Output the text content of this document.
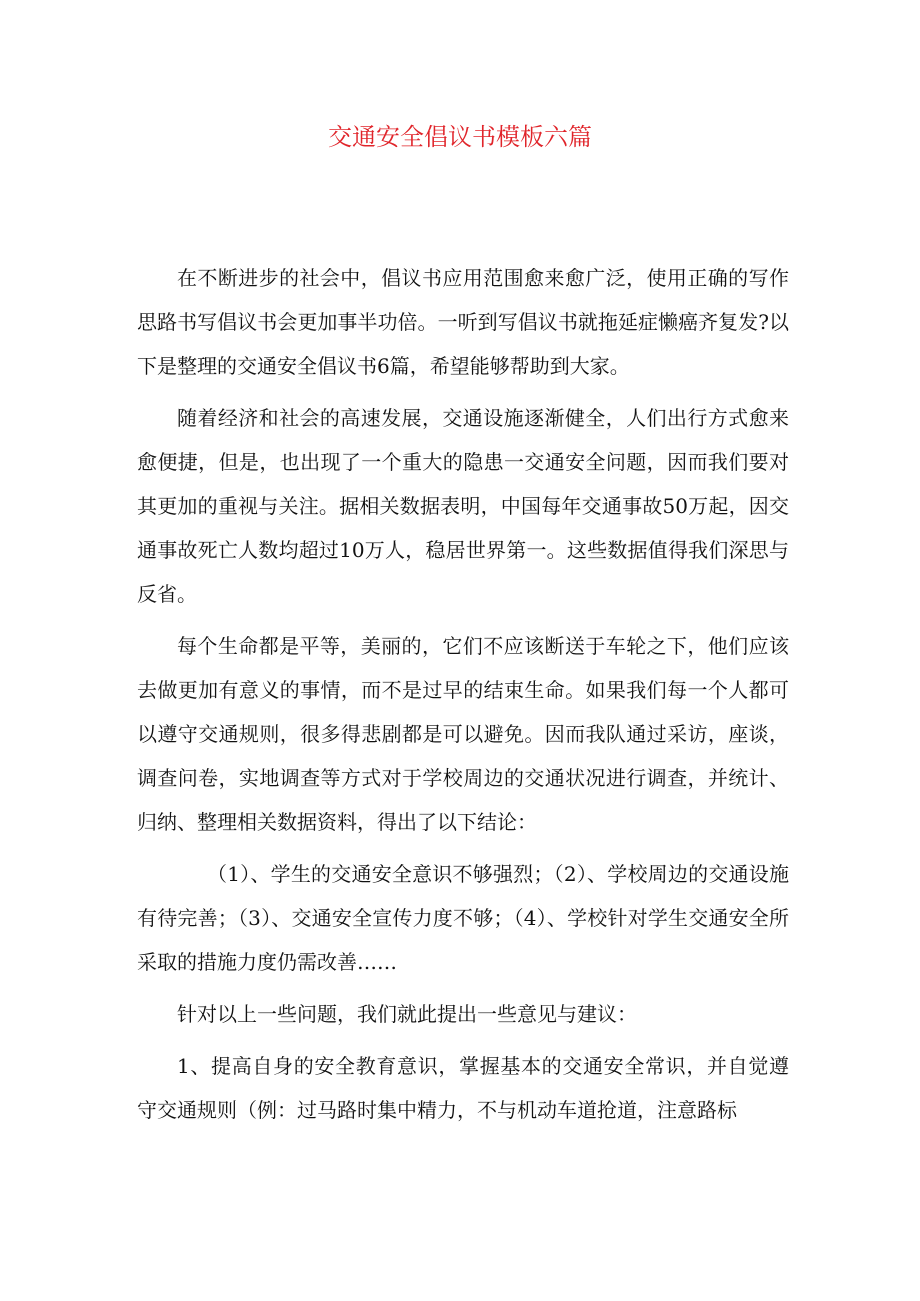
交通安全倡议书模板六篇

在不断进步的社会中，倡议书应用范围愈来愈广泛，使用正确的写作思路书写倡议书会更加事半功倍。一听到写倡议书就拖延症懒癌齐复发?以下是整理的交通安全倡议书6篇，希望能够帮助到大家。

随着经济和社会的高速发展，交通设施逐渐健全，人们出行方式愈来愈便捷，但是，也出现了一个重大的隐患一交通安全问题，因而我们要对其更加的重视与关注。据相关数据表明，中国每年交通事故50万起，因交通事故死亡人数均超过10万人，稳居世界第一。这些数据值得我们深思与反省。

每个生命都是平等，美丽的，它们不应该断送于车轮之下，他们应该去做更加有意义的事情，而不是过早的结束生命。如果我们每一个人都可以遵守交通规则，很多得悲剧都是可以避免。因而我队通过采访，座谈，调查问卷，实地调查等方式对于学校周边的交通状况进行调查，并统计、归纳、整理相关数据资料，得出了以下结论：

（1）、学生的交通安全意识不够强烈；（2）、学校周边的交通设施有待完善；（3）、交通安全宣传力度不够；（4）、学校针对学生交通安全所采取的措施力度仍需改善……

针对以上一些问题，我们就此提出一些意见与建议：

1、提高自身的安全教育意识，掌握基本的交通安全常识，并自觉遵守交通规则（例：过马路时集中精力，不与机动车道抢道，注意路标
